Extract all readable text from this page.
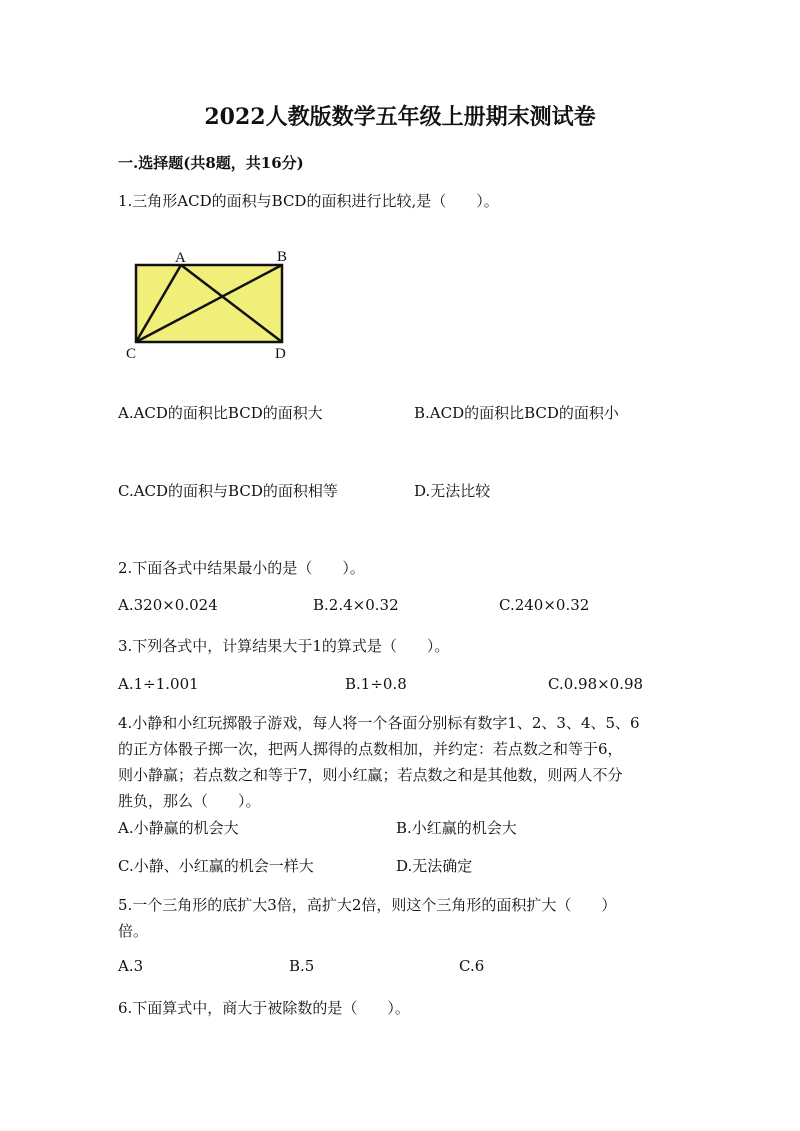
2022人教版数学五年级上册期末测试卷
一.选择题(共8题，共16分)
1.三角形ACD的面积与BCD的面积进行比较,是（　　）。
A	B
C	D
A.ACD的面积比BCD的面积大	B.ACD的面积比BCD的面积小
C.ACD的面积与BCD的面积相等	D.无法比较
2.下面各式中结果最小的是（　　）。
A.320×0.024	B.2.4×0.32	C.240×0.32
3.下列各式中，计算结果大于1的算式是（　　）。
A.1÷1.001	B.1÷0.8	C.0.98×0.98
4.小静和小红玩掷骰子游戏，每人将一个各面分别标有数字1、2、3、4、5、6
的正方体骰子掷一次，把两人掷得的点数相加，并约定：若点数之和等于6，
则小静赢；若点数之和等于7，则小红赢；若点数之和是其他数，则两人不分
胜负，那么（　　）。
A.小静赢的机会大	B.小红赢的机会大
C.小静、小红赢的机会一样大	D.无法确定
5.一个三角形的底扩大3倍，高扩大2倍，则这个三角形的面积扩大（　　）
倍。
A.3	B.5	C.6
6.下面算式中，商大于被除数的是（　　）。
